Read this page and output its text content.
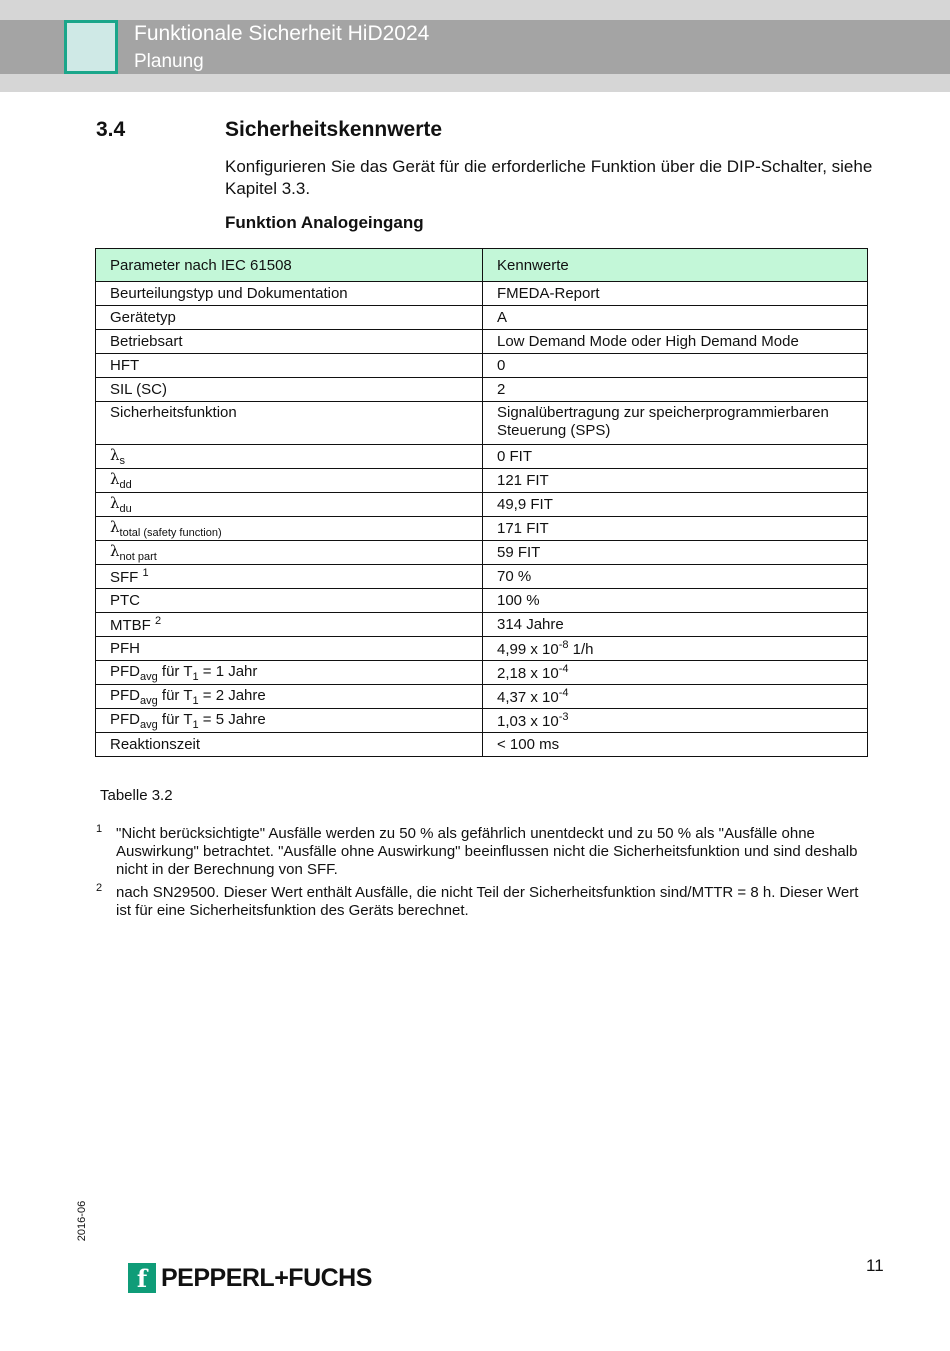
Funktionale Sicherheit HiD2024
Planung
3.4	Sicherheitskennwerte
Konfigurieren Sie das Gerät für die erforderliche Funktion über die DIP-Schalter, siehe Kapitel 3.3.
Funktion Analogeingang
Parameter nach IEC 61508	Kennwerte
Beurteilungstyp und Dokumentation	FMEDA-Report
Gerätetyp	A
Betriebsart	Low Demand Mode oder High Demand Mode
HFT	0
SIL (SC)	2
Sicherheitsfunktion	Signalübertragung zur speicherprogrammierbaren Steuerung (SPS)
$\lambda_s$	0 FIT
$\lambda_{dd}$	121 FIT
$\lambda_{du}$	49,9 FIT
$\lambda_{total (safety function)}$	171 FIT
$\lambda_{not part}$	59 FIT
SFF $^1$	70 %
PTC	100 %
MTBF $^2$	314 Jahre
PFH	4,99 x $10^{-8}$ 1/h
$PFD_{avg}$ für $T_1 = 1$ Jahr	2,18 x $10^{-4}$
$PFD_{avg}$ für $T_1 = 2$ Jahre	4,37 x $10^{-4}$
$PFD_{avg}$ für $T_1 = 5$ Jahre	1,03 x $10^{-3}$
Reaktionszeit	< 100 ms
Tabelle 3.2
1 "Nicht berücksichtigte" Ausfälle werden zu 50 % als gefährlich unentdeckt und zu 50 % als "Ausfälle ohne Auswirkung" betrachtet. "Ausfälle ohne Auswirkung" beeinflussen nicht die Sicherheitsfunktion und sind deshalb nicht in der Berechnung von SFF.
2 nach SN29500. Dieser Wert enthält Ausfälle, die nicht Teil der Sicherheitsfunktion sind/MTTR = 8 h. Dieser Wert ist für eine Sicherheitsfunktion des Geräts berechnet.
2016-06
11
f PEPPERL+FUCHS
